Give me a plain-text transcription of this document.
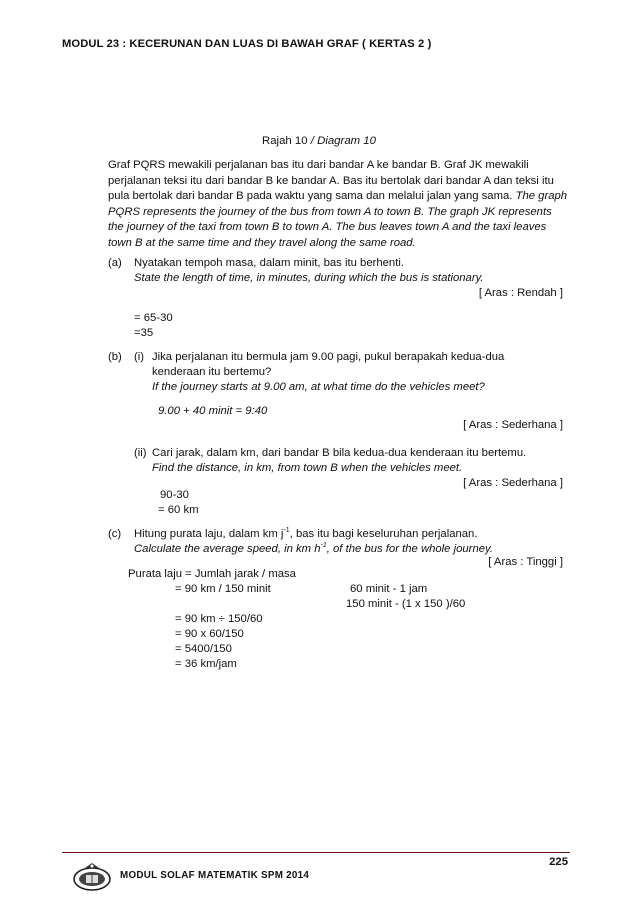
MODUL 23 : KECERUNAN DAN LUAS DI BAWAH GRAF ( KERTAS 2 )
Rajah 10 / Diagram 10
Graf PQRS mewakili perjalanan bas itu dari bandar A ke bandar B. Graf JK mewakili perjalanan teksi itu dari bandar B ke bandar A. Bas itu bertolak dari bandar A dan teksi itu pula bertolak dari bandar B pada waktu yang sama dan melalui jalan yang sama. The graph PQRS represents the journey of the bus from town A to town B. The graph JK represents the journey of the taxi from town B to town A. The bus leaves town A and the taxi leaves town B at the same time and they travel along the same road.
(a) Nyatakan tempoh masa, dalam minit, bas itu berhenti.
State the length of time, in minutes, during which the bus is stationary.
[ Aras : Rendah ]
= 65-30
=35
(b) (i) Jika perjalanan itu bermula jam 9.00 pagi, pukul berapakah kedua-dua
kenderaan itu bertemu?
If the journey starts at 9.00 am, at what time do the vehicles meet?
9.00 + 40 minit = 9:40
[ Aras : Sederhana ]
(ii) Cari jarak, dalam km, dari bandar B bila kedua-dua kenderaan itu bertemu.
Find the distance, in km, from town B when the vehicles meet.
[ Aras : Sederhana ]
90-30
= 60 km
(c) Hitung purata laju, dalam km $j^{-1}$, bas itu bagi keseluruhan perjalanan.
Calculate the average speed, in km $h^{-1}$, of the bus for the whole journey.
[ Aras : Tinggi ]
Purata laju = Jumlah jarak / masa
= 90 km / 150 minit	60 minit - 1 jam
150 minit - (1 x 150 )/60
= 90 km ÷ 150/60
= 90 x 60/150
= 5400/150
= 36 km/jam
225
MODUL SOLAF MATEMATIK SPM 2014
